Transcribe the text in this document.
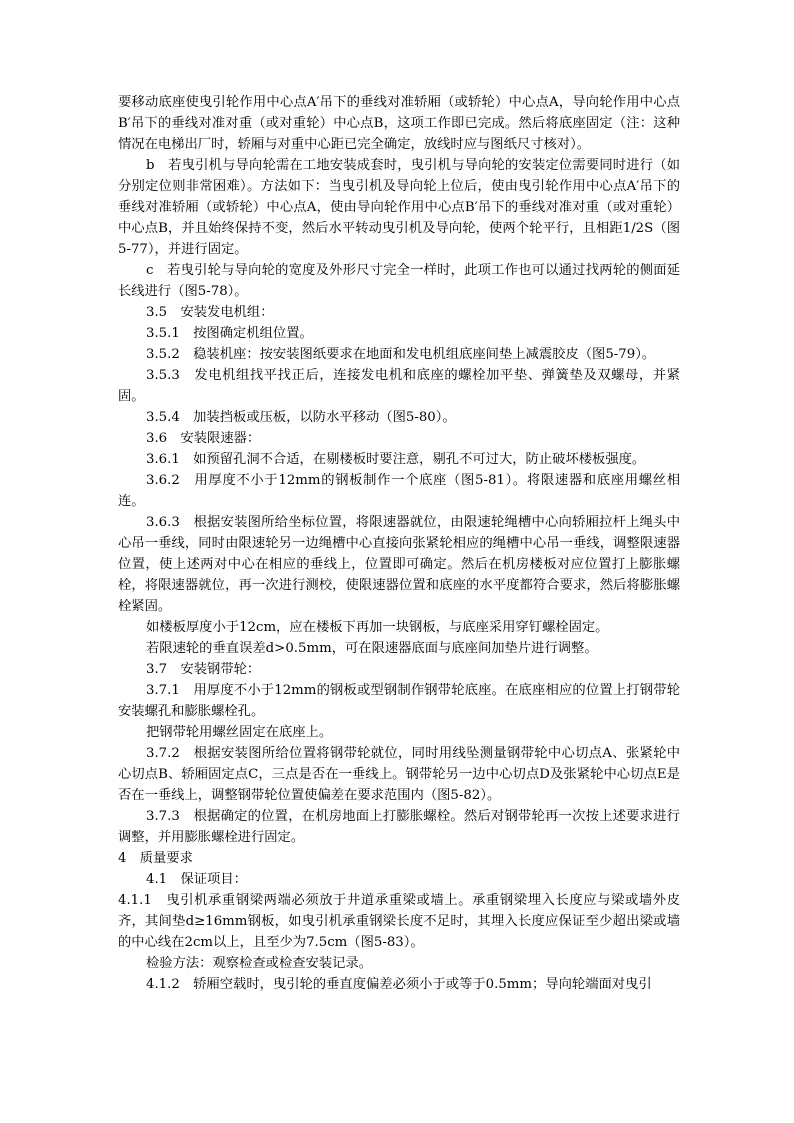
要移动底座使曳引轮作用中心点A′吊下的垂线对准轿厢（或轿轮）中心点A，导向轮作用中心点B′吊下的垂线对准对重（或对重轮）中心点B，这项工作即已完成。然后将底座固定（注：这种情况在电梯出厂时，轿厢与对重中心距已完全确定，放线时应与图纸尺寸核对）。

b　若曳引机与导向轮需在工地安装成套时，曳引机与导向轮的安装定位需要同时进行（如分别定位则非常困难）。方法如下：当曳引机及导向轮上位后，使由曳引轮作用中心点A′吊下的垂线对准轿厢（或轿轮）中心点A，使由导向轮作用中心点B′吊下的垂线对准对重（或对重轮）中心点B，并且始终保持不变，然后水平转动曳引机及导向轮，使两个轮平行，且相距1/2S（图5-77），并进行固定。

c　若曳引轮与导向轮的宽度及外形尺寸完全一样时，此项工作也可以通过找两轮的侧面延长线进行（图5-78）。

3.5　安装发电机组：

3.5.1　按图确定机组位置。

3.5.2　稳装机座：按安装图纸要求在地面和发电机组底座间垫上减震胶皮（图5-79）。

3.5.3　发电机组找平找正后，连接发电机和底座的螺栓加平垫、弹簧垫及双螺母，并紧固。

3.5.4　加装挡板或压板，以防水平移动（图5-80）。

3.6　安装限速器：

3.6.1　如预留孔洞不合适，在剔楼板时要注意，剔孔不可过大，防止破坏楼板强度。

3.6.2　用厚度不小于12mm的钢板制作一个底座（图5-81）。将限速器和底座用螺丝相连。

3.6.3　根据安装图所给坐标位置，将限速器就位，由限速轮绳槽中心向轿厢拉杆上绳头中心吊一垂线，同时由限速轮另一边绳槽中心直接向张紧轮相应的绳槽中心吊一垂线，调整限速器位置，使上述两对中心在相应的垂线上，位置即可确定。然后在机房楼板对应位置打上膨胀螺栓，将限速器就位，再一次进行测校，使限速器位置和底座的水平度都符合要求，然后将膨胀螺栓紧固。

如楼板厚度小于12cm，应在楼板下再加一块钢板，与底座采用穿钉螺栓固定。

若限速轮的垂直误差d>0.5mm，可在限速器底面与底座间加垫片进行调整。

3.7　安装钢带轮：

3.7.1　用厚度不小于12mm的钢板或型钢制作钢带轮底座。在底座相应的位置上打钢带轮安装螺孔和膨胀螺栓孔。

把钢带轮用螺丝固定在底座上。

3.7.2　根据安装图所给位置将钢带轮就位，同时用线坠测量钢带轮中心切点A、张紧轮中心切点B、轿厢固定点C，三点是否在一垂线上。钢带轮另一边中心切点D及张紧轮中心切点E是否在一垂线上，调整钢带轮位置使偏差在要求范围内（图5-82）。

3.7.3　根据确定的位置，在机房地面上打膨胀螺栓。然后对钢带轮再一次按上述要求进行调整，并用膨胀螺栓进行固定。

4　质量要求

4.1　保证项目：

4.1.1　曳引机承重钢梁两端必须放于井道承重梁或墙上。承重钢梁埋入长度应与梁或墙外皮齐，其间垫d≥16mm钢板，如曳引机承重钢梁长度不足时，其埋入长度应保证至少超出梁或墙的中心线在2cm以上，且至少为7.5cm（图5-83）。

检验方法：观察检查或检查安装记录。

4.1.2　轿厢空载时，曳引轮的垂直度偏差必须小于或等于0.5mm；导向轮端面对曳引
